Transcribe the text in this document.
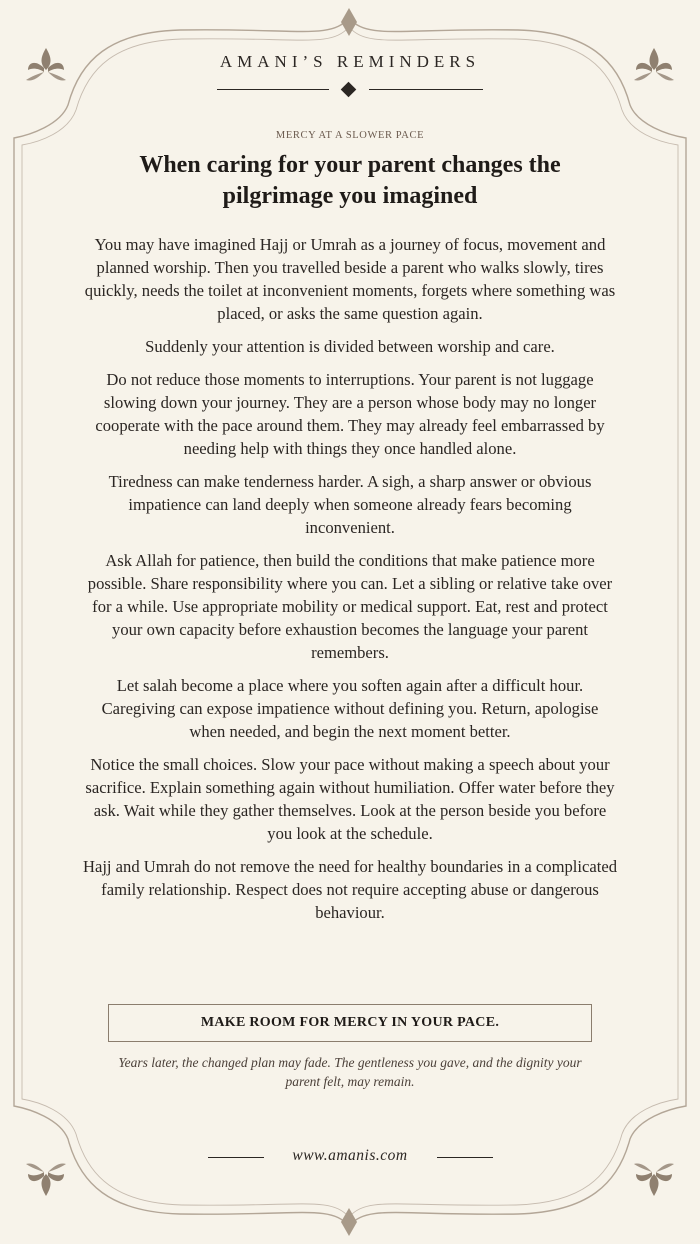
AMANI’S REMINDERS
MERCY AT A SLOWER PACE
When caring for your parent changes the pilgrimage you imagined

You may have imagined Hajj or Umrah as a journey of focus, movement and planned worship. Then you travelled beside a parent who walks slowly, tires quickly, needs the toilet at inconvenient moments, forgets where something was placed, or asks the same question again.

Suddenly your attention is divided between worship and care.

Do not reduce those moments to interruptions. Your parent is not luggage slowing down your journey. They are a person whose body may no longer cooperate with the pace around them. They may already feel embarrassed by needing help with things they once handled alone.

Tiredness can make tenderness harder. A sigh, a sharp answer or obvious impatience can land deeply when someone already fears becoming inconvenient.

Ask Allah for patience, then build the conditions that make patience more possible. Share responsibility where you can. Let a sibling or relative take over for a while. Use appropriate mobility or medical support. Eat, rest and protect your own capacity before exhaustion becomes the language your parent remembers.

Let salah become a place where you soften again after a difficult hour. Caregiving can expose impatience without defining you. Return, apologise when needed, and begin the next moment better.

Notice the small choices. Slow your pace without making a speech about your sacrifice. Explain something again without humiliation. Offer water before they ask. Wait while they gather themselves. Look at the person beside you before you look at the schedule.

Hajj and Umrah do not remove the need for healthy boundaries in a complicated family relationship. Respect does not require accepting abuse or dangerous behaviour.

MAKE ROOM FOR MERCY IN YOUR PACE.
Years later, the changed plan may fade. The gentleness you gave, and the dignity your parent felt, may remain.
www.amanis.com
